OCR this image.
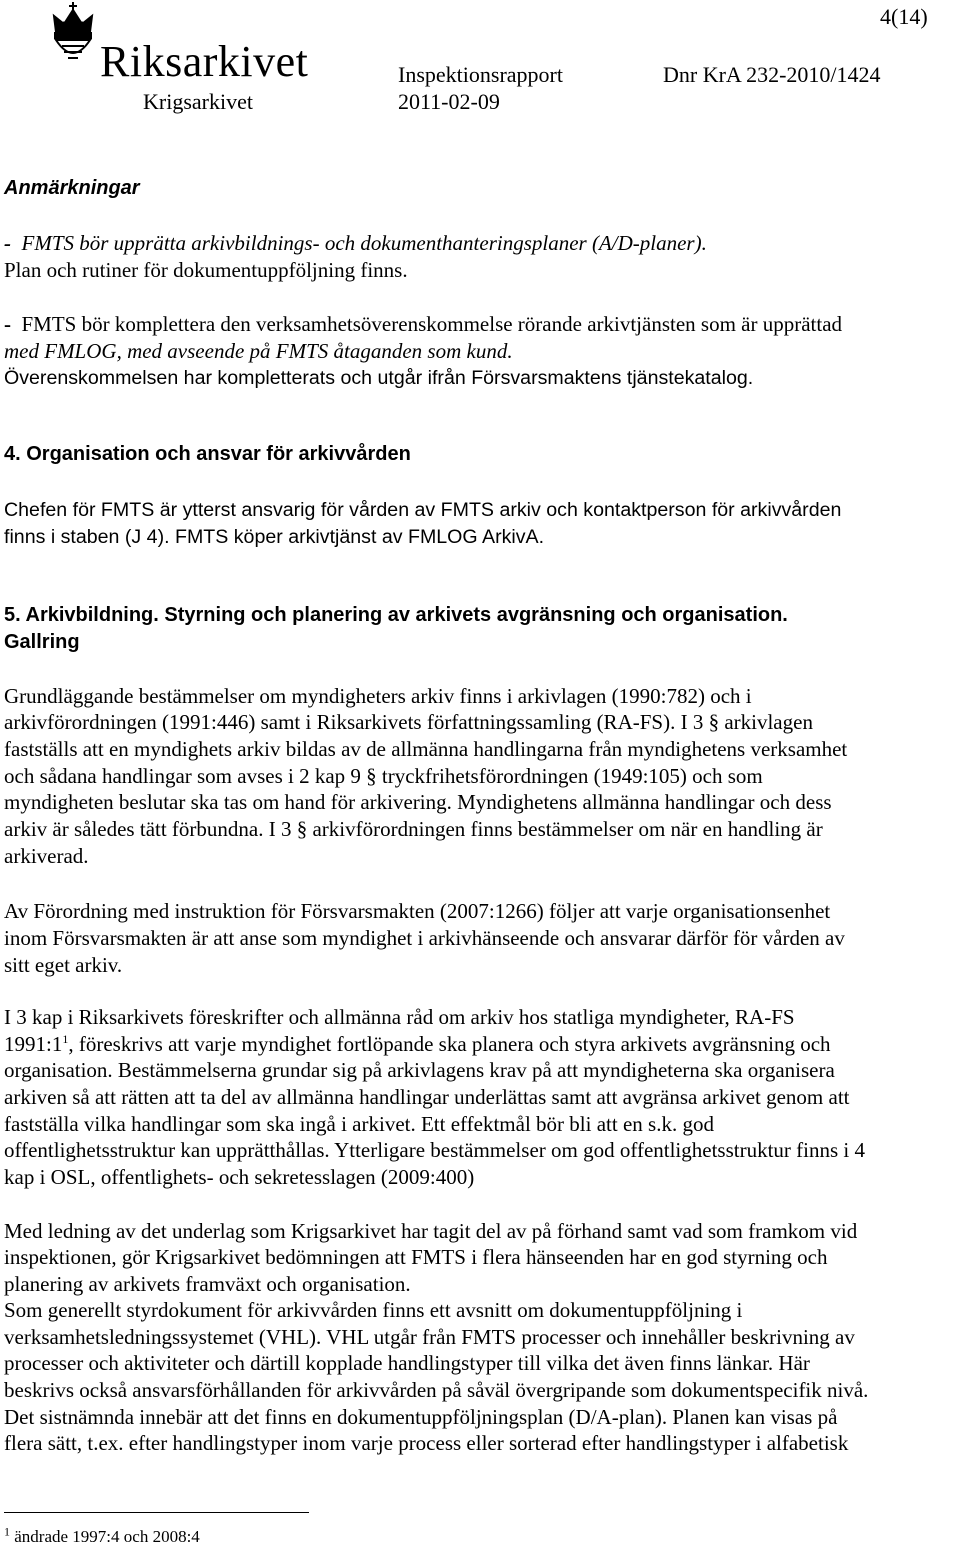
Riksarkivet
Krigsarkivet
Inspektionsrapport
2011-02-09
Dnr KrA 232-2010/1424
4(14)
Anmärkningar
- FMTS bör upprätta arkivbildnings- och dokumenthanteringsplaner (A/D-planer).
Plan och rutiner för dokumentuppföljning finns.
- FMTS bör komplettera den verksamhetsöverenskommelse rörande arkivtjänsten som är upprättad
med FMLOG, med avseende på FMTS åtaganden som kund.
Överenskommelsen har kompletterats och utgår ifrån Försvarsmaktens tjänstekatalog.
4. Organisation och ansvar för arkivvården
Chefen för FMTS är ytterst ansvarig för vården av FMTS arkiv och kontaktperson för arkivvården
finns i staben (J 4). FMTS köper arkivtjänst av FMLOG ArkivA.
5. Arkivbildning. Styrning och planering av arkivets avgränsning och organisation.
Gallring
Grundläggande bestämmelser om myndigheters arkiv finns i arkivlagen (1990:782) och i
arkivförordningen (1991:446) samt i Riksarkivets författningssamling (RA-FS). I 3 § arkivlagen
fastställs att en myndighets arkiv bildas av de allmänna handlingarna från myndighetens verksamhet
och sådana handlingar som avses i 2 kap 9 § tryckfrihetsförordningen (1949:105) och som
myndigheten beslutar ska tas om hand för arkivering. Myndighetens allmänna handlingar och dess
arkiv är således tätt förbundna. I 3 § arkivförordningen finns bestämmelser om när en handling är
arkiverad.
Av Förordning med instruktion för Försvarsmakten (2007:1266) följer att varje organisationsenhet
inom Försvarsmakten är att anse som myndighet i arkivhänseende och ansvarar därför för vården av
sitt eget arkiv.
I 3 kap i Riksarkivets föreskrifter och allmänna råd om arkiv hos statliga myndigheter, RA-FS
$1991:1^1$, föreskrivs att varje myndighet fortlöpande ska planera och styra arkivets avgränsning och
organisation. Bestämmelserna grundar sig på arkivlagens krav på att myndigheterna ska organisera
arkiven så att rätten att ta del av allmänna handlingar underlättas samt att avgränsa arkivet genom att
fastställa vilka handlingar som ska ingå i arkivet. Ett effektmål bör bli att en s.k. god
offentlighetsstruktur kan upprätthållas. Ytterligare bestämmelser om god offentlighetsstruktur finns i 4
kap i OSL, offentlighets- och sekretesslagen (2009:400)
Med ledning av det underlag som Krigsarkivet har tagit del av på förhand samt vad som framkom vid
inspektionen, gör Krigsarkivet bedömningen att FMTS i flera hänseenden har en god styrning och
planering av arkivets framväxt och organisation.
Som generellt styrdokument för arkivvården finns ett avsnitt om dokumentuppföljning i
verksamhetsledningssystemet (VHL). VHL utgår från FMTS processer och innehåller beskrivning av
processer och aktiviteter och därtill kopplade handlingstyper till vilka det även finns länkar. Här
beskrivs också ansvarsförhållanden för arkivvården på såväl övergripande som dokumentspecifik nivå.
Det sistnämnda innebär att det finns en dokumentuppföljningsplan (D/A-plan). Planen kan visas på
flera sätt, t.ex. efter handlingstyper inom varje process eller sorterad efter handlingstyper i alfabetisk
$^1$ ändrade 1997:4 och 2008:4
